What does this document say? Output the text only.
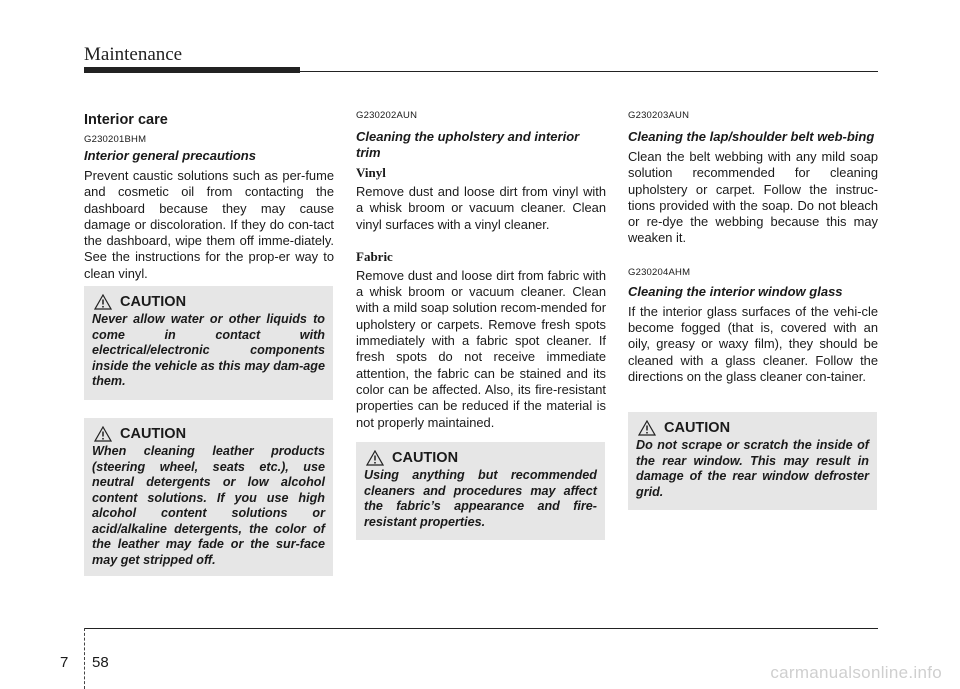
Maintenance
Interior care
G230201BHM
Interior general precautions

Prevent caustic solutions such as per-fume and cosmetic oil from contacting the dashboard because they may cause damage or discoloration. If they do con-tact the dashboard, wipe them off imme-diately. See the instructions for the prop-er way to clean vinyl.

CAUTION

Never allow water or other liquids to come in contact with electrical/electronic components inside the vehicle as this may dam-age them.

CAUTION

When cleaning leather products (steering wheel, seats etc.), use neutral detergents or low alcohol content solutions. If you use high alcohol content solutions or acid/alkaline detergents, the color of the leather may fade or the sur-face may get stripped off.

G230202AUN
Cleaning the upholstery and interior trim
Vinyl

Remove dust and loose dirt from vinyl with a whisk broom or vacuum cleaner. Clean vinyl surfaces with a vinyl cleaner.

Fabric

Remove dust and loose dirt from fabric with a whisk broom or vacuum cleaner. Clean with a mild soap solution recom-mended for upholstery or carpets. Remove fresh spots immediately with a fabric spot cleaner. If fresh spots do not receive immediate attention, the fabric can be stained and its color can be affected. Also, its fire-resistant properties can be reduced if the material is not properly maintained.

CAUTION

Using anything but recommended cleaners and procedures may affect the fabric’s appearance and fire-resistant properties.

G230203AUN
Cleaning the lap/shoulder belt web-bing

Clean the belt webbing with any mild soap solution recommended for cleaning upholstery or carpet. Follow the instruc-tions provided with the soap. Do not bleach or re-dye the webbing because this may weaken it.

G230204AHM
Cleaning the interior window glass

If the interior glass surfaces of the vehi-cle become fogged (that is, covered with an oily, greasy or waxy film), they should be cleaned with a glass cleaner. Follow the directions on the glass cleaner con-tainer.

CAUTION

Do not scrape or scratch the inside of the rear window. This may result in damage of the rear window defroster grid.

7 58
carmanualsonline.info
